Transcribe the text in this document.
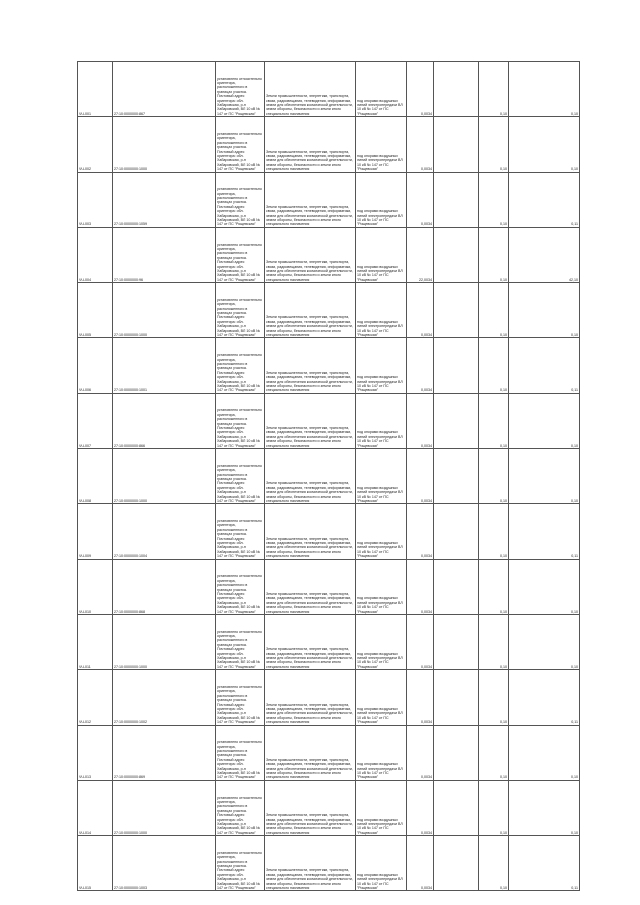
ЧЧ-001	27:10:0000000:867	установлено относительно ориентира, расположенного в границах участка. Почтовый адрес ориентира: обл. Хабаровская, р-н Хабаровский, ВЛ 10 кВ № 147 от ПС "Рощевская"	Земли промышленности, энергетики, транспорта, связи, радиовещания, телевидения, информатики, земли для обеспечения космической деятельности, земли обороны, безопасности и земли иного специального назначения	под опорами воздушных линий электропередачи ВЛ 10 кВ № 147 от ПС "Рощевская"	0,0034		0,10	0,10

ЧЧ-002	27:10:0000000:1000	установлено относительно ориентира, расположенного в границах участка. Почтовый адрес ориентира: обл. Хабаровская, р-н Хабаровский, ВЛ 10 кВ № 147 от ПС "Рощевская"	Земли промышленности, энергетики, транспорта, связи, радиовещания, телевидения, информатики, земли для обеспечения космической деятельности, земли обороны, безопасности и земли иного специального назначения	под опорами воздушных линий электропередачи ВЛ 10 кВ № 147 от ПС "Рощевская"	0,0034		0,10	0,10

ЧЧ-003	27:10:0000000:1059	установлено относительно ориентира, расположенного в границах участка. Почтовый адрес ориентира: обл. Хабаровская, р-н Хабаровский, ВЛ 10 кВ № 147 от ПС "Рощевская"	Земли промышленности, энергетики, транспорта, связи, радиовещания, телевидения, информатики, земли для обеспечения космической деятельности, земли обороны, безопасности и земли иного специального назначения	под опорами воздушных линий электропередачи ВЛ 10 кВ № 147 от ПС "Рощевская"	0,0034		0,10	0,11

ЧЧ-004	27:10:0000000:96	установлено относительно ориентира, расположенного в границах участка. Почтовый адрес ориентира: обл. Хабаровская, р-н Хабаровский, ВЛ 10 кВ № 147 от ПС "Рощевская"	Земли промышленности, энергетики, транспорта, связи, радиовещания, телевидения, информатики, земли для обеспечения космической деятельности, земли обороны, безопасности и земли иного специального назначения	под опорами воздушных линий электропередачи ВЛ 10 кВ № 147 от ПС "Рощевская"	22,0034		0,10	42,10

ЧЧ-005	27:10:0000000:1000	установлено относительно ориентира, расположенного в границах участка. Почтовый адрес ориентира: обл. Хабаровская, р-н Хабаровский, ВЛ 10 кВ № 147 от ПС "Рощевская"	Земли промышленности, энергетики, транспорта, связи, радиовещания, телевидения, информатики, земли для обеспечения космической деятельности, земли обороны, безопасности и земли иного специального назначения	под опорами воздушных линий электропередачи ВЛ 10 кВ № 147 от ПС "Рощевская"	0,0034		0,10	0,10

ЧЧ-006	27:10:0000000:1001	установлено относительно ориентира, расположенного в границах участка. Почтовый адрес ориентира: обл. Хабаровская, р-н Хабаровский, ВЛ 10 кВ № 147 от ПС "Рощевская"	Земли промышленности, энергетики, транспорта, связи, радиовещания, телевидения, информатики, земли для обеспечения космической деятельности, земли обороны, безопасности и земли иного специального назначения	под опорами воздушных линий электропередачи ВЛ 10 кВ № 147 от ПС "Рощевская"	0,0034		0,10	0,11

ЧЧ-007	27:10:0000000:866	установлено относительно ориентира, расположенного в границах участка. Почтовый адрес ориентира: обл. Хабаровская, р-н Хабаровский, ВЛ 10 кВ № 147 от ПС "Рощевская"	Земли промышленности, энергетики, транспорта, связи, радиовещания, телевидения, информатики, земли для обеспечения космической деятельности, земли обороны, безопасности и земли иного специального назначения	под опорами воздушных линий электропередачи ВЛ 10 кВ № 147 от ПС "Рощевская"	0,0034		0,10	0,10

ЧЧ-008	27:10:0000000:1000	установлено относительно ориентира, расположенного в границах участка. Почтовый адрес ориентира: обл. Хабаровская, р-н Хабаровский, ВЛ 10 кВ № 147 от ПС "Рощевская"	Земли промышленности, энергетики, транспорта, связи, радиовещания, телевидения, информатики, земли для обеспечения космической деятельности, земли обороны, безопасности и земли иного специального назначения	под опорами воздушных линий электропередачи ВЛ 10 кВ № 147 от ПС "Рощевская"	0,0034		0,10	0,10

ЧЧ-009	27:10:0000000:1004	установлено относительно ориентира, расположенного в границах участка. Почтовый адрес ориентира: обл. Хабаровская, р-н Хабаровский, ВЛ 10 кВ № 147 от ПС "Рощевская"	Земли промышленности, энергетики, транспорта, связи, радиовещания, телевидения, информатики, земли для обеспечения космической деятельности, земли обороны, безопасности и земли иного специального назначения	под опорами воздушных линий электропередачи ВЛ 10 кВ № 147 от ПС "Рощевская"	0,0034		0,10	0,11

ЧЧ-010	27:10:0000000:868	установлено относительно ориентира, расположенного в границах участка. Почтовый адрес ориентира: обл. Хабаровская, р-н Хабаровский, ВЛ 10 кВ № 147 от ПС "Рощевская"	Земли промышленности, энергетики, транспорта, связи, радиовещания, телевидения, информатики, земли для обеспечения космической деятельности, земли обороны, безопасности и земли иного специального назначения	под опорами воздушных линий электропередачи ВЛ 10 кВ № 147 от ПС "Рощевская"	0,0034		0,10	0,10

ЧЧ-011	27:10:0000000:1000	установлено относительно ориентира, расположенного в границах участка. Почтовый адрес ориентира: обл. Хабаровская, р-н Хабаровский, ВЛ 10 кВ № 147 от ПС "Рощевская"	Земли промышленности, энергетики, транспорта, связи, радиовещания, телевидения, информатики, земли для обеспечения космической деятельности, земли обороны, безопасности и земли иного специального назначения	под опорами воздушных линий электропередачи ВЛ 10 кВ № 147 от ПС "Рощевская"	0,0034		0,10	0,10

ЧЧ-012	27:10:0000000:1002	установлено относительно ориентира, расположенного в границах участка. Почтовый адрес ориентира: обл. Хабаровская, р-н Хабаровский, ВЛ 10 кВ № 147 от ПС "Рощевская"	Земли промышленности, энергетики, транспорта, связи, радиовещания, телевидения, информатики, земли для обеспечения космической деятельности, земли обороны, безопасности и земли иного специального назначения	под опорами воздушных линий электропередачи ВЛ 10 кВ № 147 от ПС "Рощевская"	0,0034		0,10	0,11

ЧЧ-013	27:10:0000000:869	установлено относительно ориентира, расположенного в границах участка. Почтовый адрес ориентира: обл. Хабаровская, р-н Хабаровский, ВЛ 10 кВ № 147 от ПС "Рощевская"	Земли промышленности, энергетики, транспорта, связи, радиовещания, телевидения, информатики, земли для обеспечения космической деятельности, земли обороны, безопасности и земли иного специального назначения	под опорами воздушных линий электропередачи ВЛ 10 кВ № 147 от ПС "Рощевская"	0,0034		0,10	0,10

ЧЧ-014	27:10:0000000:1000	установлено относительно ориентира, расположенного в границах участка. Почтовый адрес ориентира: обл. Хабаровская, р-н Хабаровский, ВЛ 10 кВ № 147 от ПС "Рощевская"	Земли промышленности, энергетики, транспорта, связи, радиовещания, телевидения, информатики, земли для обеспечения космической деятельности, земли обороны, безопасности и земли иного специального назначения	под опорами воздушных линий электропередачи ВЛ 10 кВ № 147 от ПС "Рощевская"	0,0034		0,10	0,10

ЧЧ-015	27:10:0000000:1003	установлено относительно ориентира, расположенного в границах участка. Почтовый адрес ориентира: обл. Хабаровская, р-н Хабаровский, ВЛ 10 кВ № 147 от ПС "Рощевская"	Земли промышленности, энергетики, транспорта, связи, радиовещания, телевидения, информатики, земли для обеспечения космической деятельности, земли обороны, безопасности и земли иного специального назначения	под опорами воздушных линий электропередачи ВЛ 10 кВ № 147 от ПС "Рощевская"	0,0034		0,10	0,11
